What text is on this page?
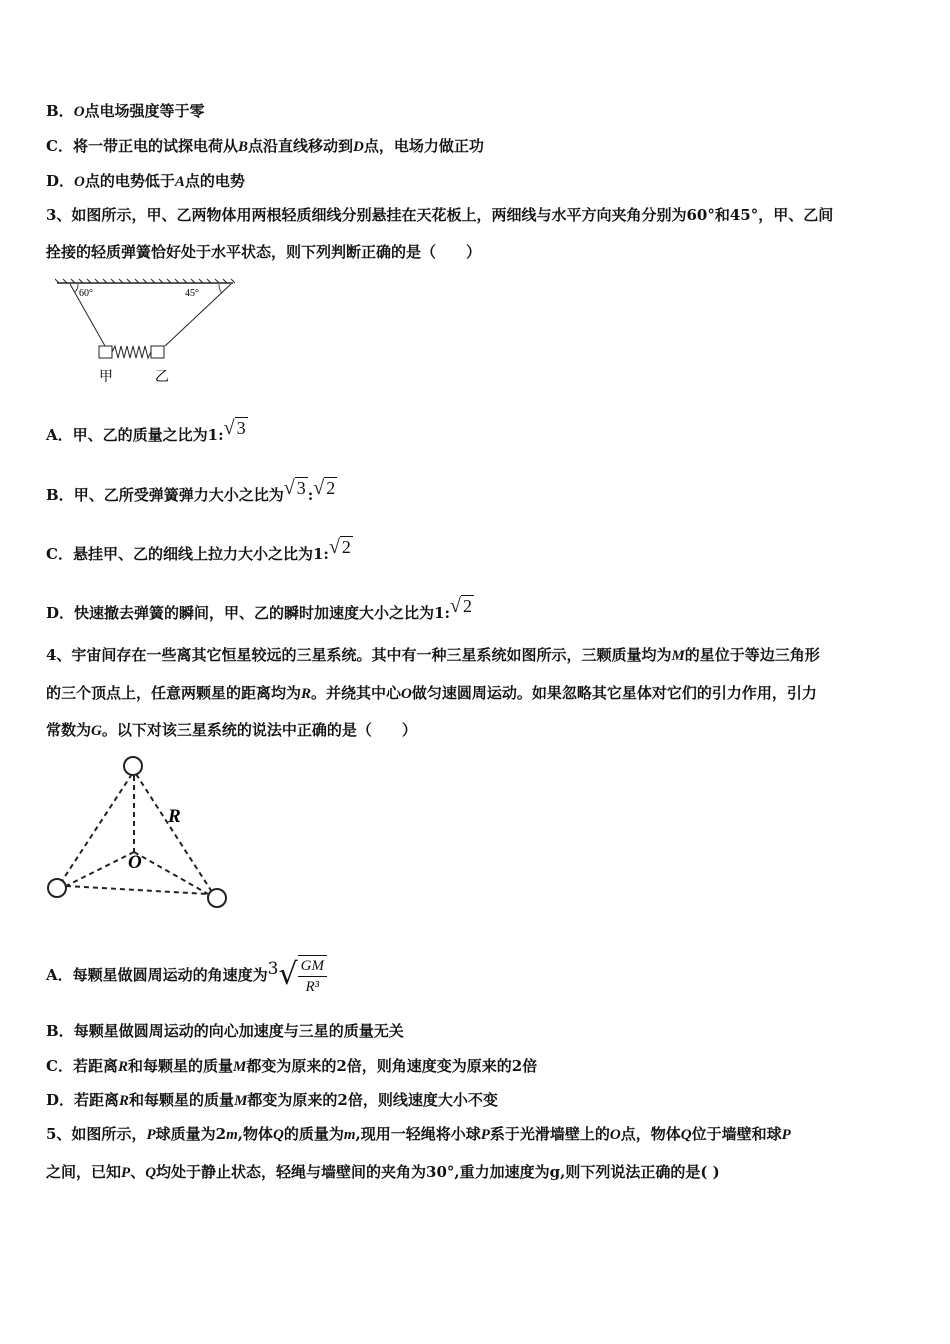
B．O点电场强度等于零
C．将一带正电的试探电荷从B点沿直线移动到D点，电场力做正功
D．O点的电势低于A点的电势
3、如图所示，甲、乙两物体用两根轻质细线分别悬挂在天花板上，两细线与水平方向夹角分别为60°和45°，甲、乙间
拴接的轻质弹簧恰好处于水平状态，则下列判断正确的是（　　）
60°	45°
甲	乙
A．甲、乙的质量之比为1:√ 3
B．甲、乙所受弹簧弹力大小之比为√ 3 :√ 2
C．悬挂甲、乙的细线上拉力大小之比为1:√ 2
D．快速撤去弹簧的瞬间，甲、乙的瞬时加速度大小之比为1:√ 2
4、宇宙间存在一些离其它恒星较远的三星系统。其中有一种三星系统如图所示，三颗质量均为M的星位于等边三角形
的三个顶点上，任意两颗星的距离均为R。并绕其中心O做匀速圆周运动。如果忽略其它星体对它们的引力作用，引力
常数为G。以下对该三星系统的说法中正确的是（　　）
R
O
A．每颗星做圆周运动的角速度为$3√ \frac{GM}{\text{R³}}$
B．每颗星做圆周运动的向心加速度与三星的质量无关
C．若距离R和每颗星的质量M都变为原来的2倍，则角速度变为原来的2倍
D．若距离R和每颗星的质量M都变为原来的2倍，则线速度大小不变
5、如图所示，P球质量为2m,物体Q的质量为m,现用一轻绳将小球P系于光滑墙壁上的O点，物体Q位于墙壁和球P
之间，已知P、Q均处于静止状态，轻绳与墙壁间的夹角为30°,重力加速度为g,则下列说法正确的是( )
